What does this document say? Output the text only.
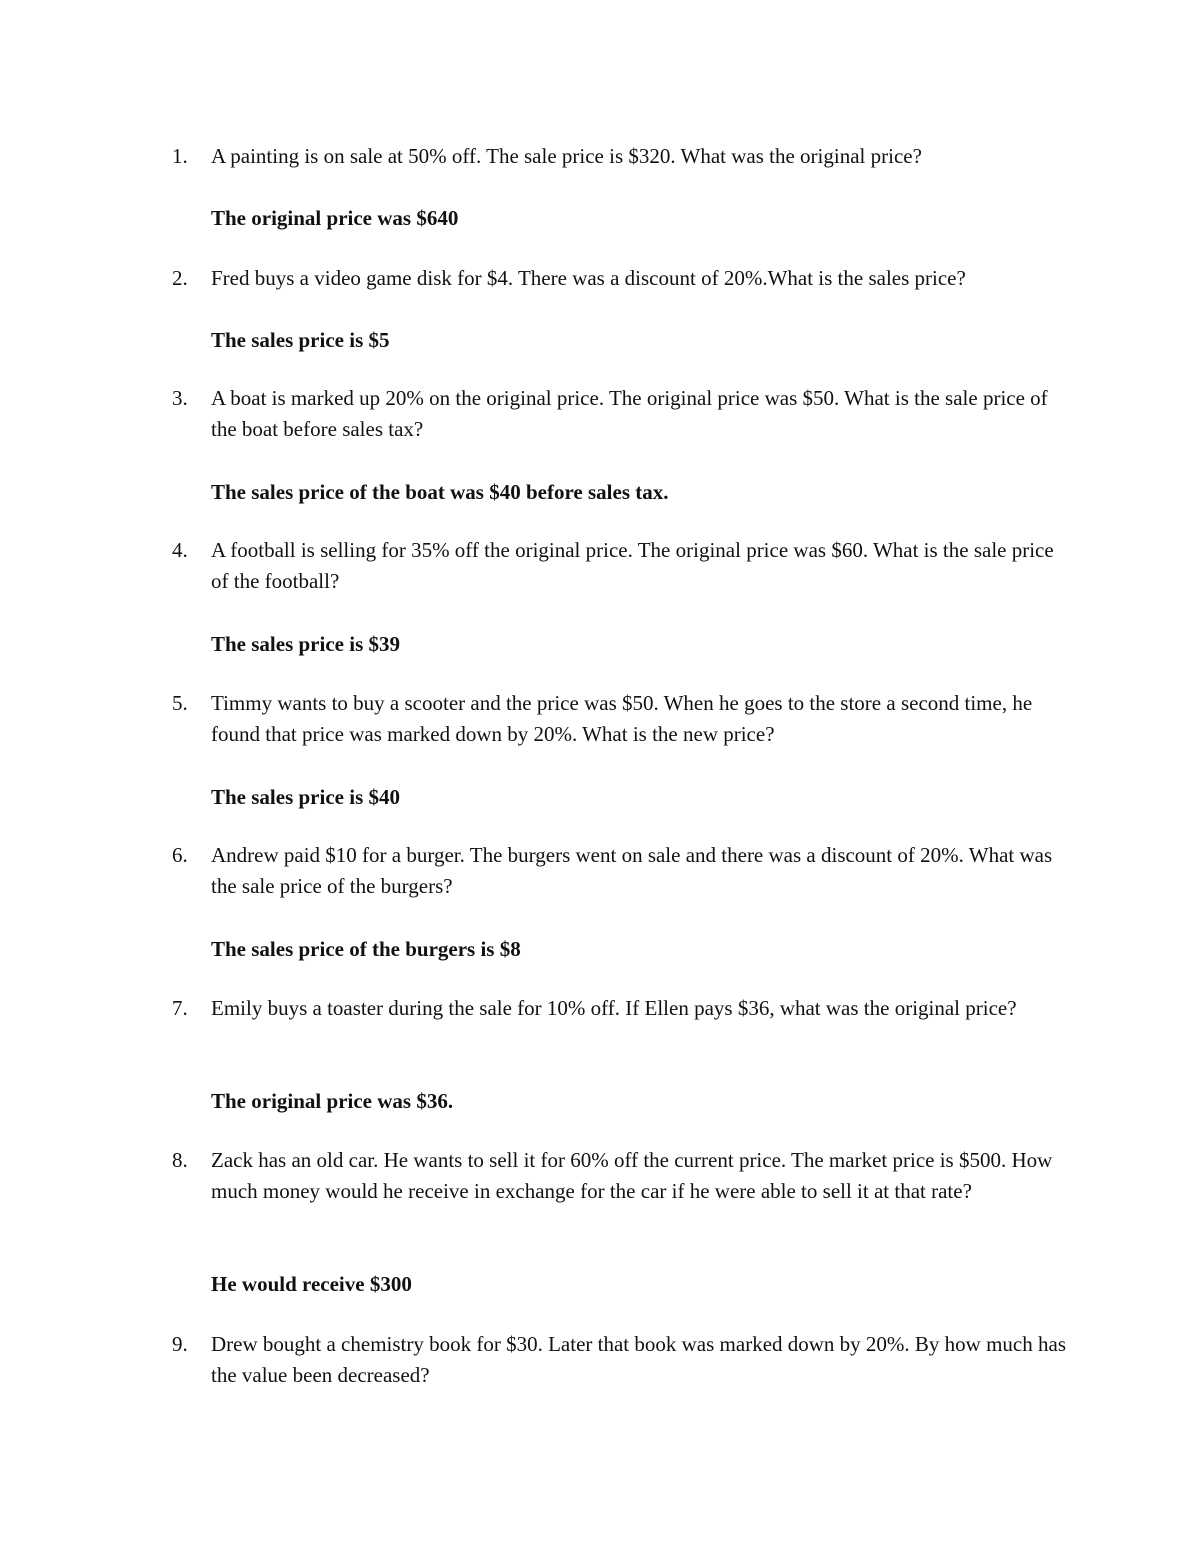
1. A painting is on sale at 50% off. The sale price is $320. What was the original price?
The original price was $640
2. Fred buys a video game disk for $4. There was a discount of 20%.What is the sales price?
The sales price is $5
3. A boat is marked up 20% on the original price. The original price was $50. What is the sale price of the boat before sales tax?
The sales price of the boat was $40 before sales tax.
4. A football is selling for 35% off the original price. The original price was $60. What is the sale price of the football?
The sales price is $39
5. Timmy wants to buy a scooter and the price was $50. When he goes to the store a second time, he found that price was marked down by 20%. What is the new price?
The sales price is $40
6. Andrew paid $10 for a burger. The burgers went on sale and there was a discount of 20%. What was the sale price of the burgers?
The sales price of the burgers is $8
7. Emily buys a toaster during the sale for 10% off. If Ellen pays $36, what was the original price?
The original price was $36.
8. Zack has an old car. He wants to sell it for 60% off the current price. The market price is $500. How much money would he receive in exchange for the car if he were able to sell it at that rate?
He would receive $300
9. Drew bought a chemistry book for $30. Later that book was marked down by 20%. By how much has the value been decreased?
